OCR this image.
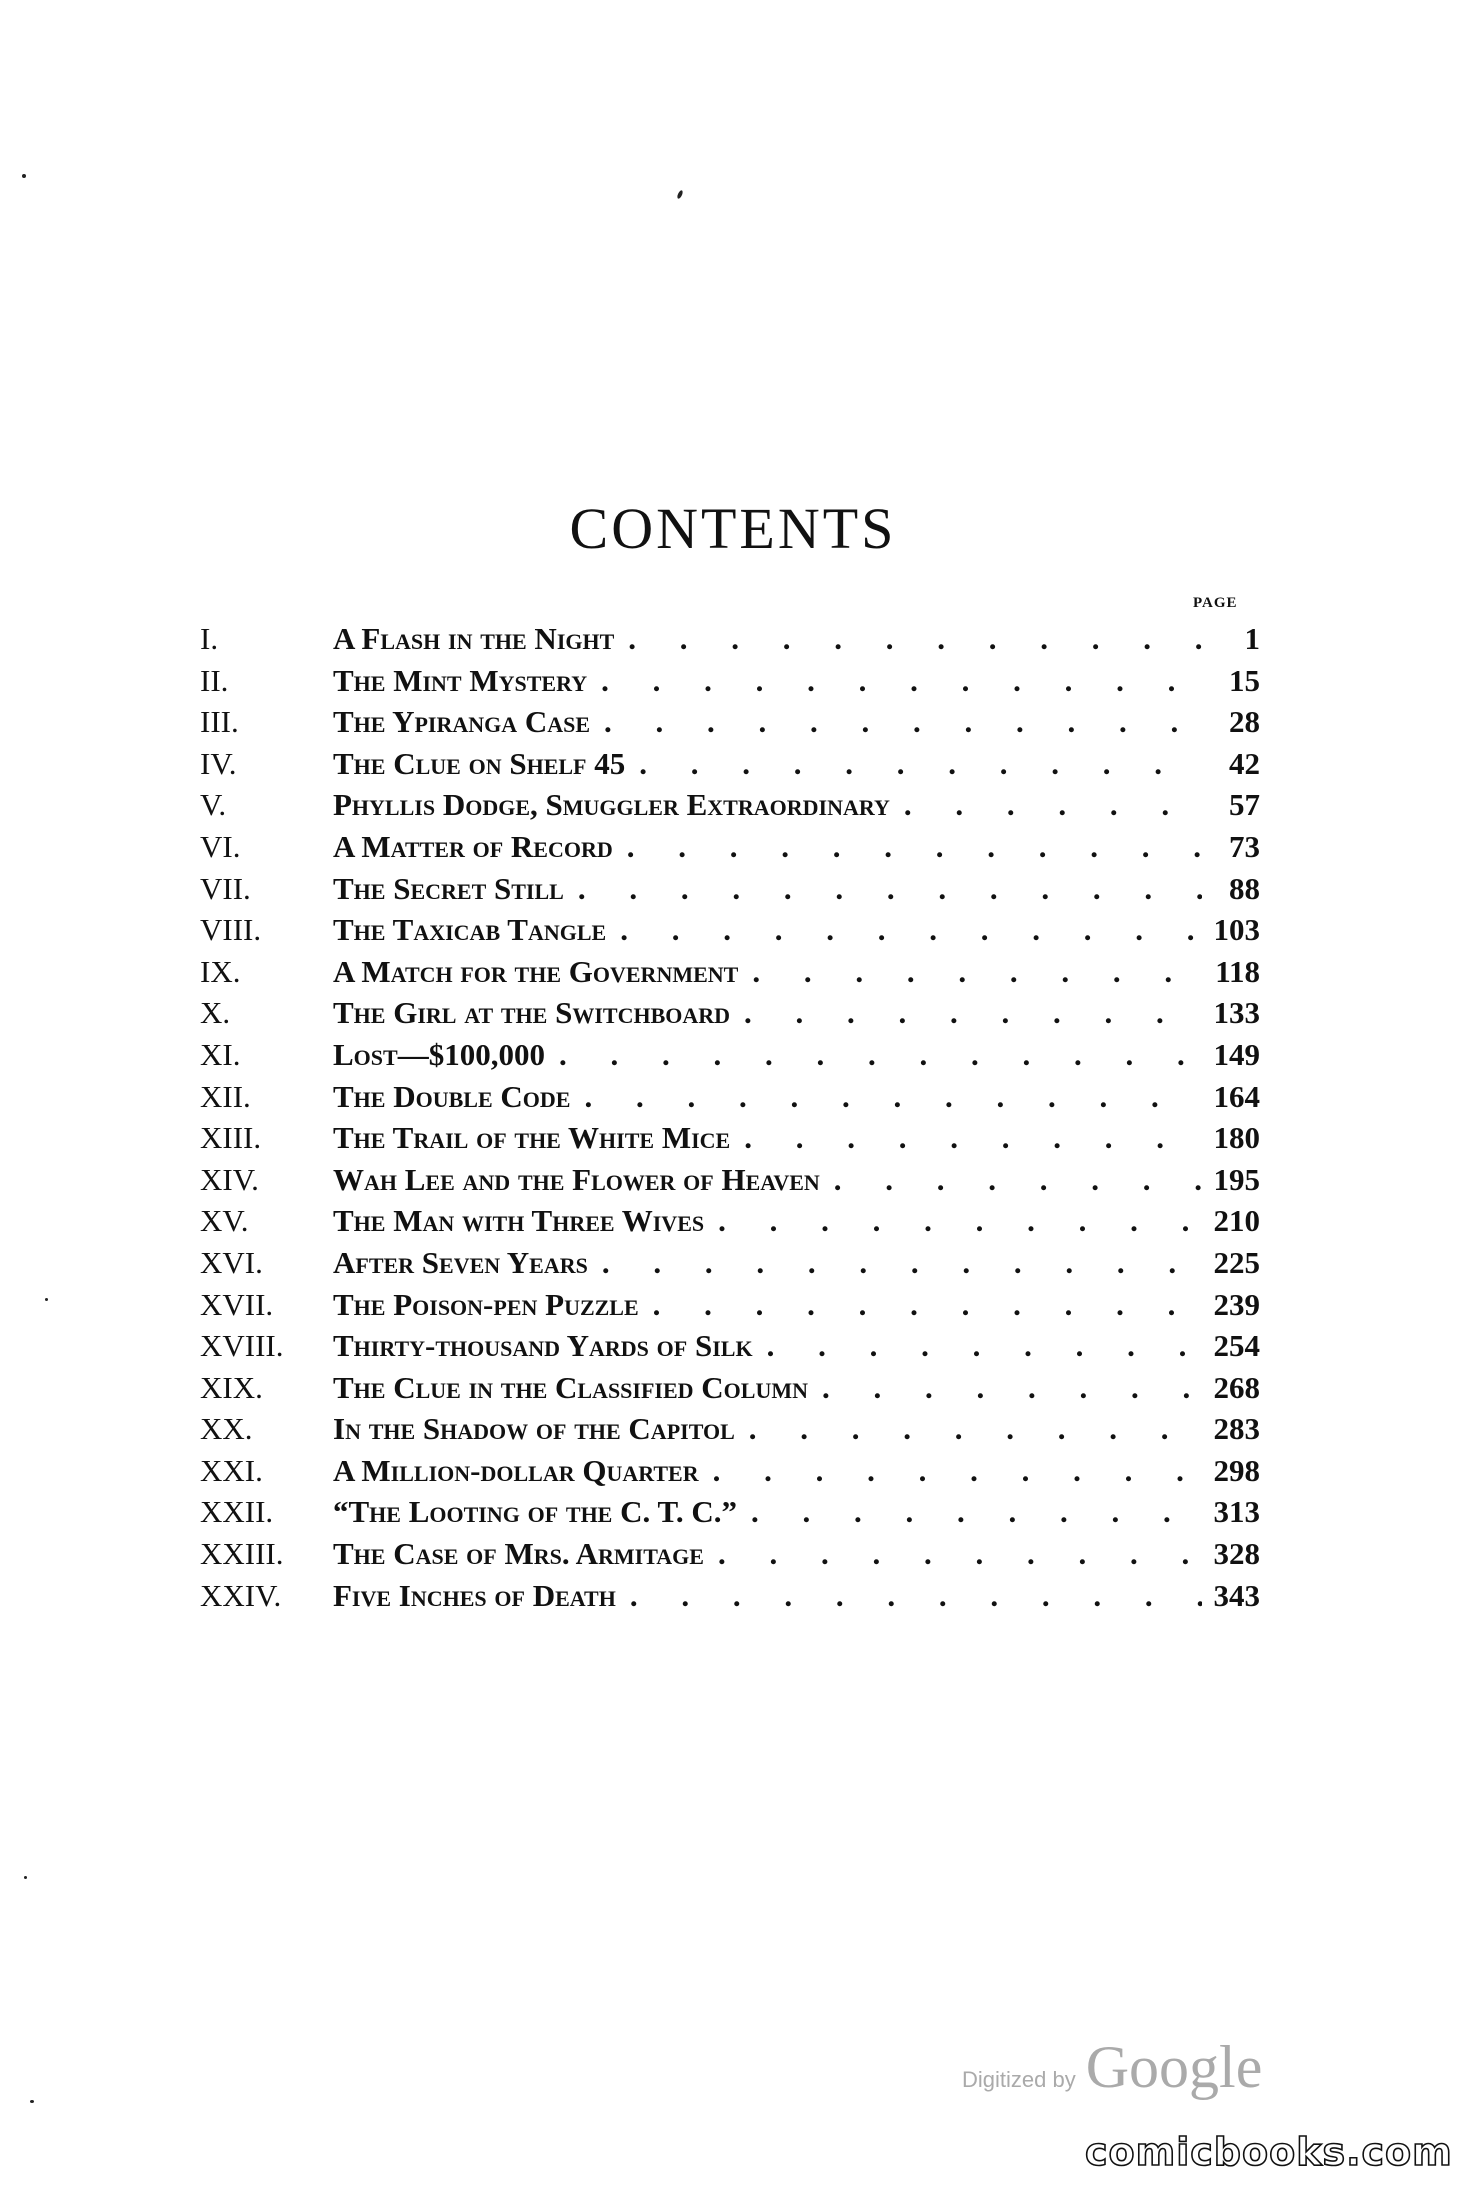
CONTENTS
PAGE
I.	A Flash in the Night . . .	1
II.	The Mint Mystery . . .	15
III.	The Ypiranga Case . . .	28
IV.	The Clue on Shelf 45 . . .	42
V.	Phyllis Dodge, Smuggler Extraordinary . . .	57
VI.	A Matter of Record . . .	73
VII.	The Secret Still . . .	88
VIII. The Taxicab Tangle . . .	103
IX.	A Match for the Government . . .	118
X.	The Girl at the Switchboard . . .	133
XI.	Lost—$100,000 . . .	149
XII.	The Double Code . . .	164
XIII. The Trail of the White Mice . . .	180
XIV. Wah Lee and the Flower of Heaven . . .	195
XV.	The Man with Three Wives . . .	210
XVI. After Seven Years . . .	225
XVII. The Poison-pen Puzzle . . .	239
XVIII. Thirty-thousand Yards of Silk . . .	254
XIX. The Clue in the Classified Column . . .	268
XX.	In the Shadow of the Capitol . . .	283
XXI. A Million-dollar Quarter . . .	298
XXII. “The Looting of the C. T. C.” . . .	313
XXIII. The Case of Mrs. Armitage . . .	328
XXIV. Five Inches of Death . . .	343
Digitized by Google
comicbooks.com
